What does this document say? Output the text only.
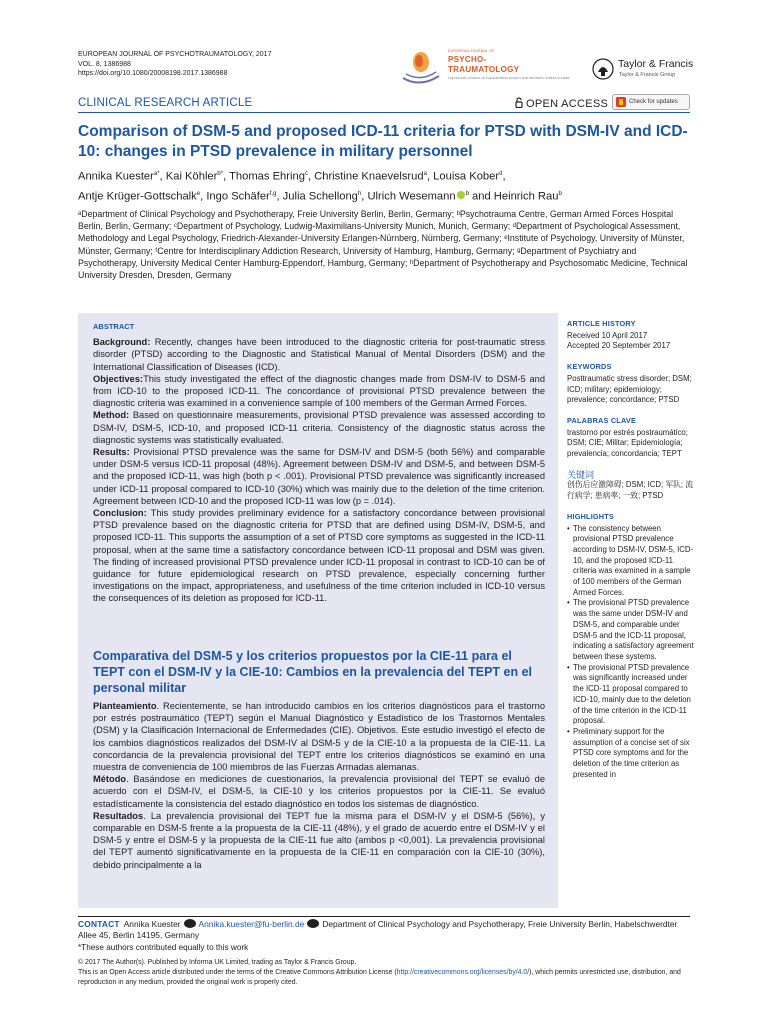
EUROPEAN JOURNAL OF PSYCHOTRAUMATOLOGY, 2017
VOL. 8, 1386988
https://doi.org/10.1080/20008198.2017.1386988
EUROPEAN JOURNAL OF
PSYCHO-
TRAUMATOLOGY
THE OFFICIAL JOURNAL OF THE EUROPEAN SOCIETY FOR TRAUMATIC STRESS STUDIES
Taylor & Francis
Taylor & Francis Group
CLINICAL RESEARCH ARTICLE	OPEN ACCESS	Check for updates
Comparison of DSM-5 and proposed ICD-11 criteria for PTSD with DSM-IV and ICD-10: changes in PTSD prevalence in military personnel
Annika Kuester$^{a*}$, Kai Köhler$^{b*}$, Thomas Ehring$^c$, Christine Knaevelsrud$^a$, Louisa Kober$^d$,
Antje Krüger-Gottschalk$^e$, Ingo Schäfer$^{f,g}$, Julia Schellong$^h$, Ulrich Wesemann $^b$ and Heinrich Rau$^b$
ᵃDepartment of Clinical Psychology and Psychotherapy, Freie University Berlin, Berlin, Germany; ᵇPsychotrauma Centre, German Armed Forces Hospital Berlin, Berlin, Germany; ᶜDepartment of Psychology, Ludwig-Maximilians-University Munich, Munich, Germany; ᵈDepartment of Psychological Assessment, Methodology and Legal Psychology, Friedrich-Alexander-University Erlangen-Nürnberg, Nürnberg, Germany; ᵉInstitute of Psychology, University of Münster, Münster, Germany; ᶠCentre for Interdisciplinary Addiction Research, University of Hamburg, Hamburg, Germany; ᵍDepartment of Psychiatry and Psychotherapy, University Medical Center Hamburg-Eppendorf, Hamburg, Germany; ʰDepartment of Psychotherapy and Psychosomatic Medicine, Technical University Dresden, Dresden, Germany
ABSTRACT
Background: Recently, changes have been introduced to the diagnostic criteria for post-traumatic stress disorder (PTSD) according to the Diagnostic and Statistical Manual of Mental Disorders (DSM) and the International Classification of Diseases (ICD).
Objectives:This study investigated the effect of the diagnostic changes made from DSM-IV to DSM-5 and from ICD-10 to the proposed ICD-11. The concordance of provisional PTSD prevalence between the diagnostic criteria was examined in a convenience sample of 100 members of the German Armed Forces.
Method: Based on questionnaire measurements, provisional PTSD prevalence was assessed according to DSM-IV, DSM-5, ICD-10, and proposed ICD-11 criteria. Consistency of the diagnostic status across the diagnostic systems was statistically evaluated.
Results: Provisional PTSD prevalence was the same for DSM-IV and DSM-5 (both 56%) and comparable under DSM-5 versus ICD-11 proposal (48%). Agreement between DSM-IV and DSM-5, and between DSM-5 and the proposed ICD-11, was high (both p < .001). Provisional PTSD prevalence was significantly increased under ICD-11 proposal compared to ICD-10 (30%) which was mainly due to the deletion of the time criterion. Agreement between ICD-10 and the proposed ICD-11 was low (p = .014).
Conclusion: This study provides preliminary evidence for a satisfactory concordance between provisional PTSD prevalence based on the diagnostic criteria for PTSD that are defined using DSM-IV, DSM-5, and proposed ICD-11. This supports the assumption of a set of PTSD core symptoms as suggested in the ICD-11 proposal, when at the same time a satisfactory concordance between ICD-11 proposal and DSM was given. The finding of increased provisional PTSD prevalence under ICD-11 proposal in contrast to ICD-10 can be of guidance for future epidemiological research on PTSD prevalence, especially concerning further investigations on the impact, appropriateness, and usefulness of the time criterion included in ICD-10 versus the consequences of its deletion as proposed for ICD-11.
Comparativa del DSM-5 y los criterios propuestos por la CIE-11 para el TEPT con el DSM-IV y la CIE-10: Cambios en la prevalencia del TEPT en el personal militar
Planteamiento. Recientemente, se han introducido cambios en los criterios diagnósticos para el trastorno por estrés postraumático (TEPT) según el Manual Diagnóstico y Estadístico de los Trastornos Mentales (DSM) y la Clasificación Internacional de Enfermedades (CIE). Objetivos. Este estudio investigó el efecto de los cambios diagnósticos realizados del DSM-IV al DSM-5 y de la CIE-10 a la propuesta de la CIE-11. La concordancia de la prevalencia provisional del TEPT entre los criterios diagnósticos se examinó en una muestra de conveniencia de 100 miembros de las Fuerzas Armadas alemanas.
Método. Basándose en mediciones de cuestionarios, la prevalencia provisional del TEPT se evaluó de acuerdo con el DSM-IV, el DSM-5, la CIE-10 y los criterios propuestos por la CIE-11. Se evaluó estadísticamente la consistencia del estado diagnóstico en todos los sistemas de diagnóstico.
Resultados. La prevalencia provisional del TEPT fue la misma para el DSM-IV y el DSM-5 (56%), y comparable en DSM-5 frente a la propuesta de la CIE-11 (48%), y el grado de acuerdo entre el DSM-IV y el DSM-5 y entre el DSM-5 y la propuesta de la CIE-11 fue alto (ambos p <0,001). La prevalencia provisional del TEPT aumentó significativamente en la propuesta de la CIE-11 en comparación con la CIE-10 (30%), debido principalmente a la
ARTICLE HISTORY
Received 10 April 2017
Accepted 20 September 2017
KEYWORDS
Posttraumatic stress disorder; DSM; ICD; military; epidemiology; prevalence; concordance; PTSD
PALABRAS CLAVE
trastorno por estrés postraumático; DSM; CIE; Militar; Epidemiología; prevalencia; concordancia; TEPT
关键词
创伤后应激障碍; DSM; ICD; 军队; 流行病学; 患病率; 一致; PTSD
HIGHLIGHTS
• The consistency between provisional PTSD prevalence according to DSM-IV, DSM-5, ICD-10, and the proposed ICD-11 criteria was examined in a sample of 100 members of the German Armed Forces.
• The provisional PTSD prevalence was the same under DSM-IV and DSM-5, and comparable under DSM-5 and the ICD-11 proposal, indicating a satisfactory agreement between these systems.
• The provisional PTSD prevalence was significantly increased under the ICD-11 proposal compared to ICD-10, mainly due to the deletion of the time criterion in the ICD-11 proposal.
• Preliminary support for the assumption of a concise set of six PTSD core symptoms and for the deletion of the time criterion as presented in
CONTACT Annika Kuester Annika.kuester@fu-berlin.de Department of Clinical Psychology and Psychotherapy, Freie University Berlin, Habelschwerdter Allee 45, Berlin 14195, Germany
*These authors contributed equally to this work
© 2017 The Author(s). Published by Informa UK Limited, trading as Taylor & Francis Group.
This is an Open Access article distributed under the terms of the Creative Commons Attribution License (http://creativecommons.org/licenses/by/4.0/), which permits unrestricted use, distribution, and reproduction in any medium, provided the original work is properly cited.
